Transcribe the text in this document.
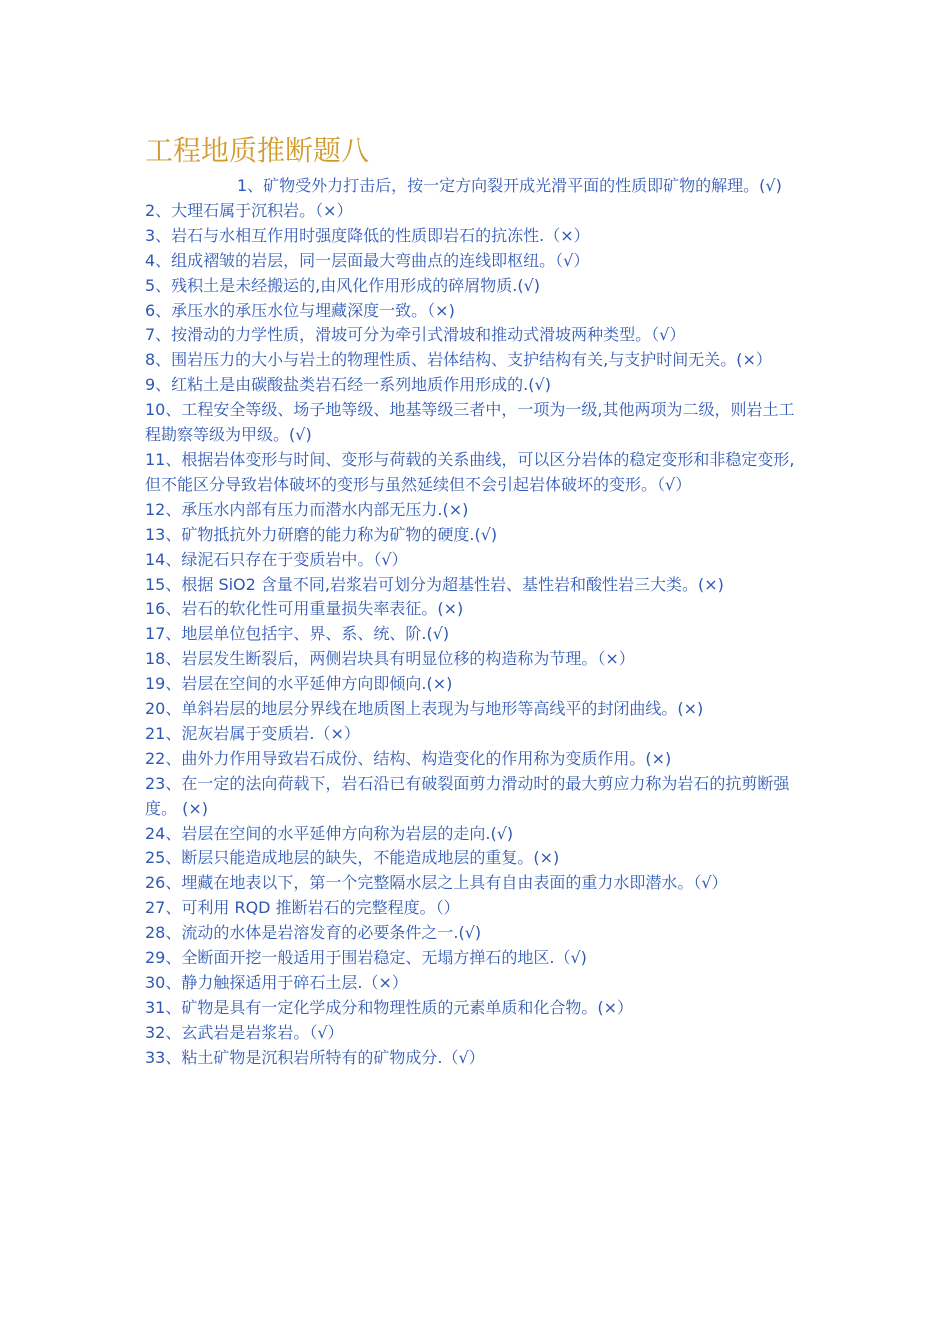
工程地质推断题八
1、矿物受外力打击后，按一定方向裂开成光滑平面的性质即矿物的解理。(√)
2、大理石属于沉积岩。（×）
3、岩石与水相互作用时强度降低的性质即岩石的抗冻性.（×）
4、组成褶皱的岩层，同一层面最大弯曲点的连线即枢纽。（√）
5、残积土是未经搬运的,由风化作用形成的碎屑物质.(√)
6、承压水的承压水位与埋藏深度一致。（×)
7、按滑动的力学性质，滑坡可分为牵引式滑坡和推动式滑坡两种类型。（√）
8、围岩压力的大小与岩土的物理性质、岩体结构、支护结构有关,与支护时间无关。(×）
9、红粘土是由碳酸盐类岩石经一系列地质作用形成的.(√)
10、工程安全等级、场子地等级、地基等级三者中，一项为一级,其他两项为二级，则岩土工程勘察等级为甲级。(√)
11、根据岩体变形与时间、变形与荷载的关系曲线，可以区分岩体的稳定变形和非稳定变形,但不能区分导致岩体破坏的变形与虽然延续但不会引起岩体破坏的变形。（√）
12、承压水内部有压力而潜水内部无压力.(×)
13、矿物抵抗外力研磨的能力称为矿物的硬度.(√)
14、绿泥石只存在于变质岩中。（√）
15、根据 SiO2 含量不同,岩浆岩可划分为超基性岩、基性岩和酸性岩三大类。(×)
16、岩石的软化性可用重量损失率表征。(×)
17、地层单位包括宇、界、系、统、阶.(√)
18、岩层发生断裂后，两侧岩块具有明显位移的构造称为节理。（×）
19、岩层在空间的水平延伸方向即倾向.(×)
20、单斜岩层的地层分界线在地质图上表现为与地形等高线平的封闭曲线。(×)
21、泥灰岩属于变质岩.（×）
22、曲外力作用导致岩石成份、结构、构造变化的作用称为变质作用。(×)
23、在一定的法向荷载下，岩石沿已有破裂面剪力滑动时的最大剪应力称为岩石的抗剪断强度。 (×)
24、岩层在空间的水平延伸方向称为岩层的走向.(√)
25、断层只能造成地层的缺失，不能造成地层的重复。(×)
26、埋藏在地表以下，第一个完整隔水层之上具有自由表面的重力水即潜水。（√）
27、可利用 RQD 推断岩石的完整程度。（）
28、流动的水体是岩溶发育的必要条件之一.(√)
29、全断面开挖一般适用于围岩稳定、无塌方掸石的地区.（√)
30、静力触探适用于碎石土层.（×）
31、矿物是具有一定化学成分和物理性质的元素单质和化合物。(×）
32、玄武岩是岩浆岩。（√）
33、粘土矿物是沉积岩所特有的矿物成分.（√）
